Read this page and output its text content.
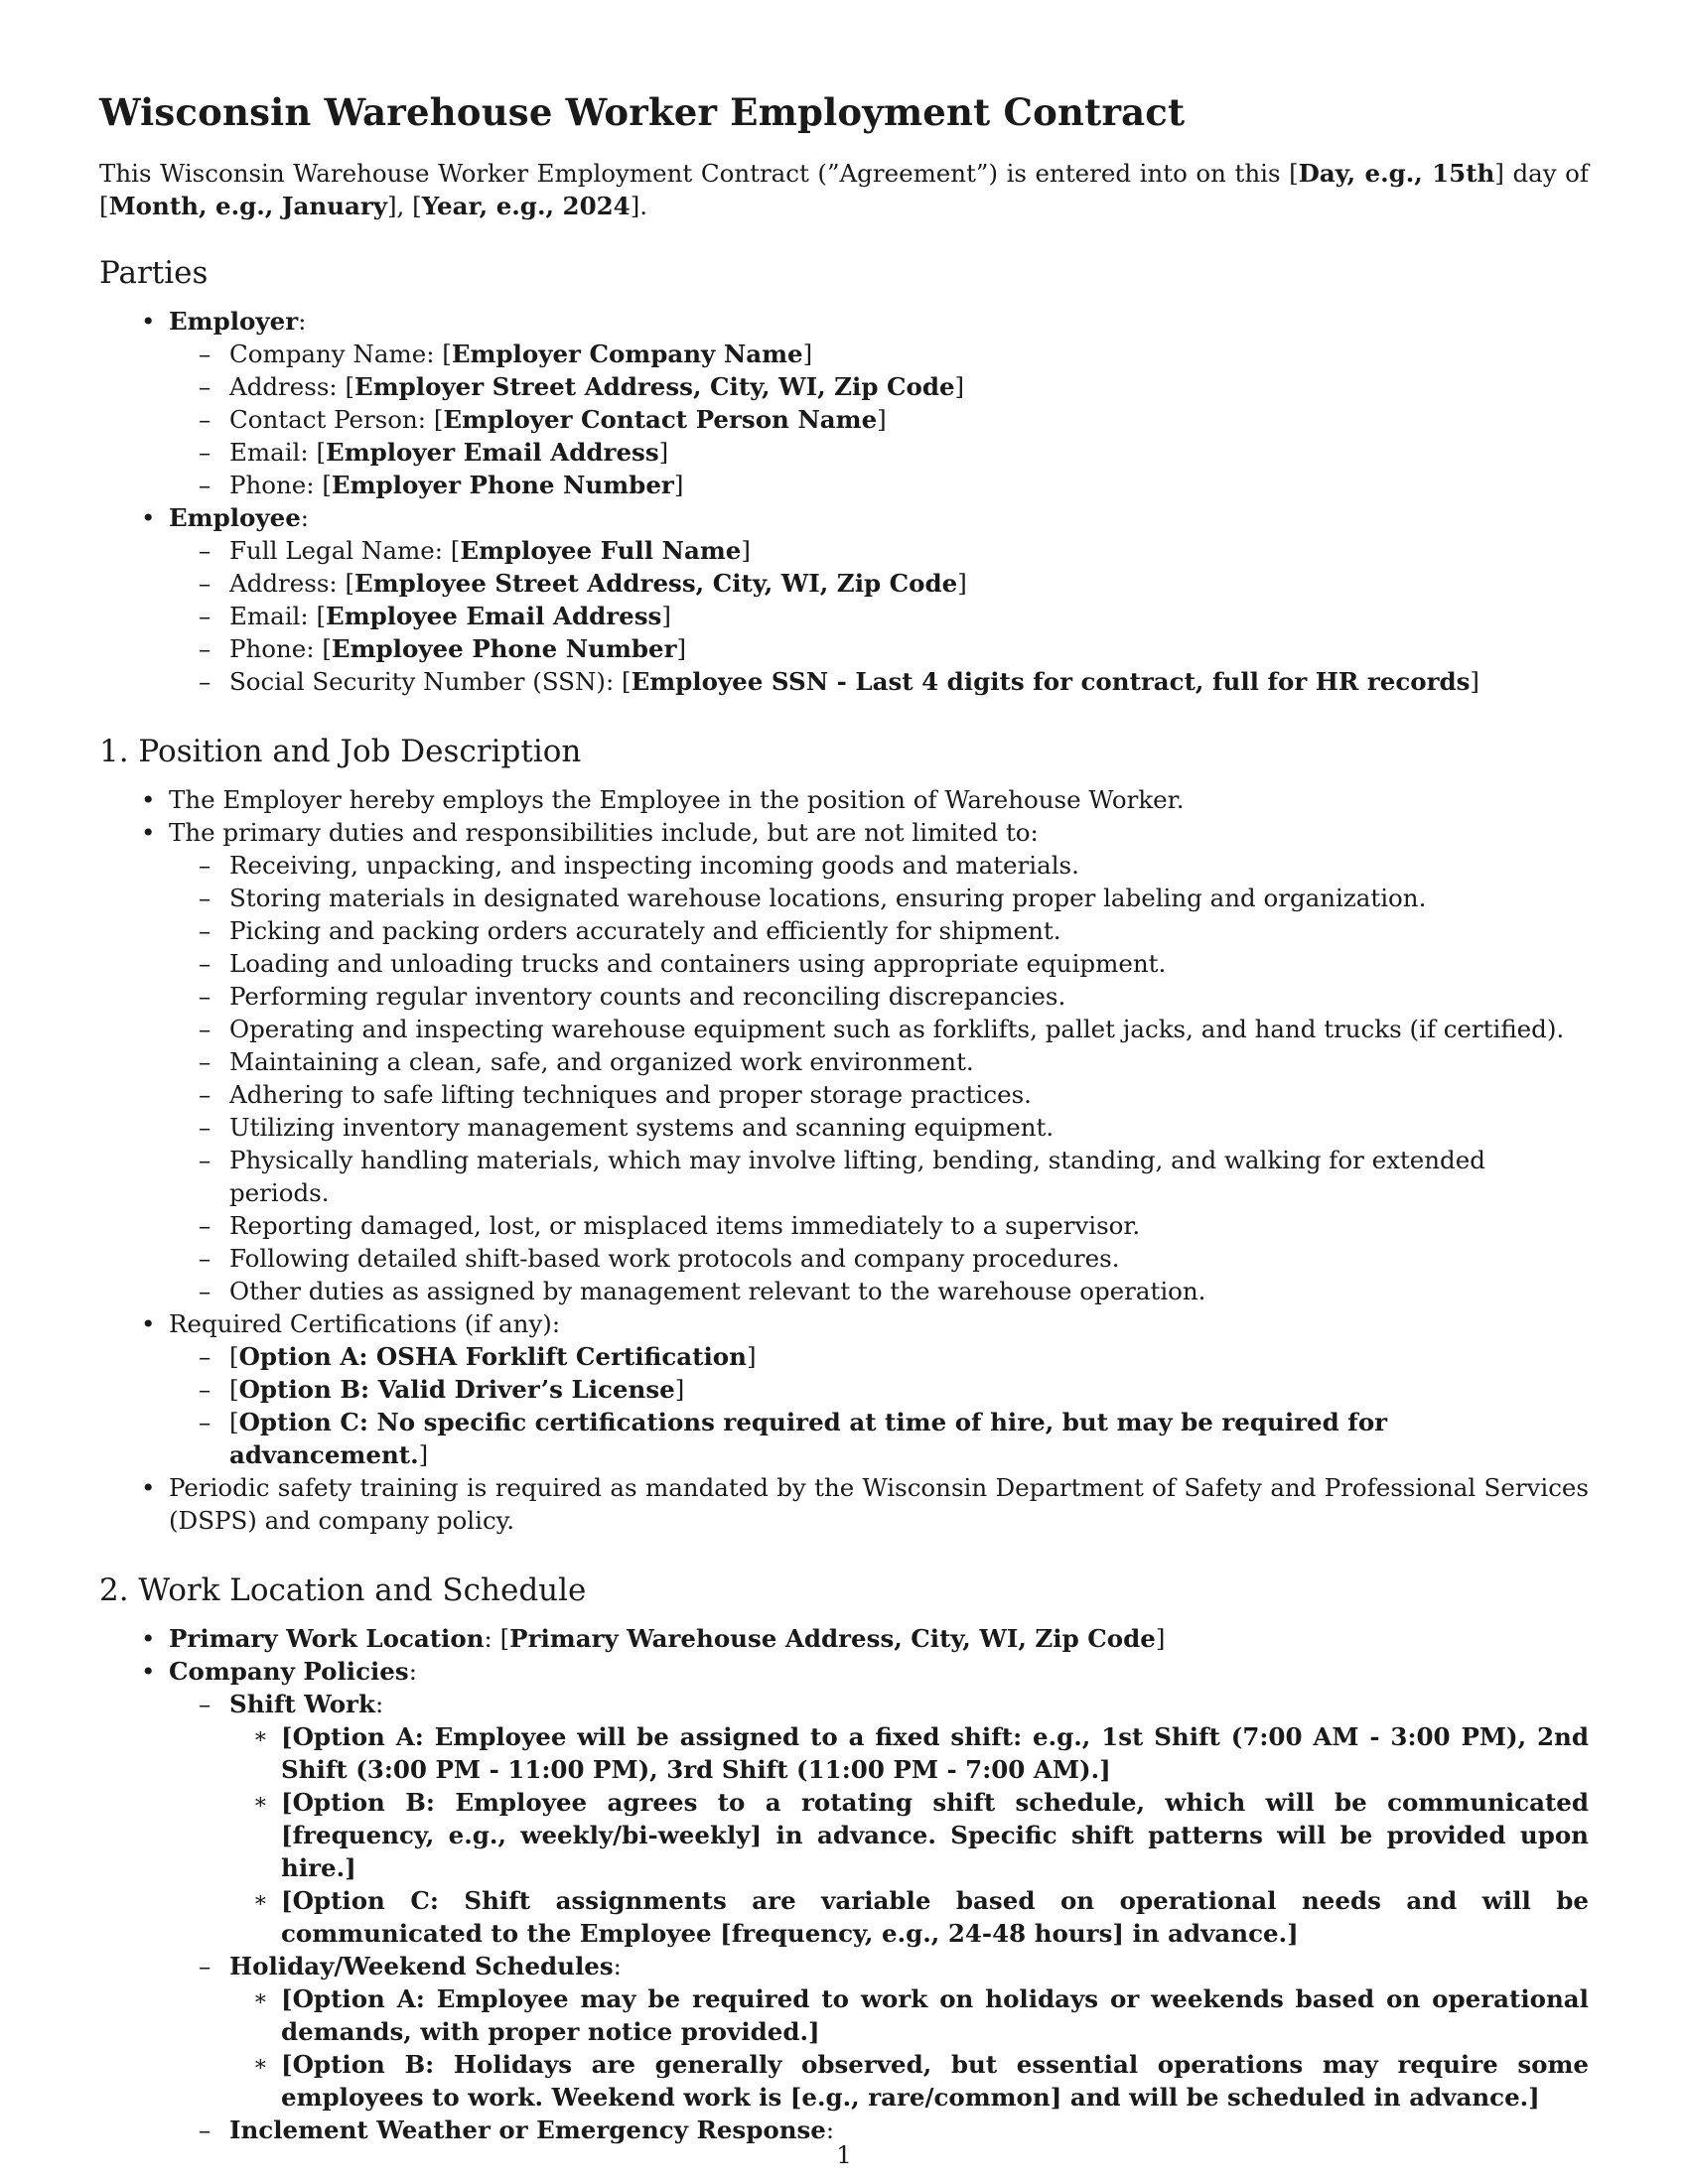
Wisconsin Warehouse Worker Employment Contract

This Wisconsin Warehouse Worker Employment Contract (”Agreement”) is entered into on this [Day, e.g., 15th] day of [Month, e.g., January], [Year, e.g., 2024].

Parties
• Employer:
– Company Name: [Employer Company Name]
– Address: [Employer Street Address, City, WI, Zip Code]
– Contact Person: [Employer Contact Person Name]
– Email: [Employer Email Address]
– Phone: [Employer Phone Number]
• Employee:
– Full Legal Name: [Employee Full Name]
– Address: [Employee Street Address, City, WI, Zip Code]
– Email: [Employee Email Address]
– Phone: [Employee Phone Number]
– Social Security Number (SSN): [Employee SSN - Last 4 digits for contract, full for HR records]
1. Position and Job Description
• The Employer hereby employs the Employee in the position of Warehouse Worker.
• The primary duties and responsibilities include, but are not limited to:
– Receiving, unpacking, and inspecting incoming goods and materials.
– Storing materials in designated warehouse locations, ensuring proper labeling and organization.
– Picking and packing orders accurately and efficiently for shipment.
– Loading and unloading trucks and containers using appropriate equipment.
– Performing regular inventory counts and reconciling discrepancies.
– Operating and inspecting warehouse equipment such as forklifts, pallet jacks, and hand trucks (if certified).
– Maintaining a clean, safe, and organized work environment.
– Adhering to safe lifting techniques and proper storage practices.
– Utilizing inventory management systems and scanning equipment.
– Physically handling materials, which may involve lifting, bending, standing, and walking for extended periods.
– Reporting damaged, lost, or misplaced items immediately to a supervisor.
– Following detailed shift-based work protocols and company procedures.
– Other duties as assigned by management relevant to the warehouse operation.
• Required Certifications (if any):
– [Option A: OSHA Forklift Certification]
– [Option B: Valid Driver’s License]
– [Option C: No specific certifications required at time of hire, but may be required for advancement.]
• Periodic safety training is required as mandated by the Wisconsin Department of Safety and Professional Services (DSPS) and company policy.
2. Work Location and Schedule
• Primary Work Location: [Primary Warehouse Address, City, WI, Zip Code]
• Company Policies:
– Shift Work:
∗ [Option A: Employee will be assigned to a fixed shift: e.g., 1st Shift (7:00 AM - 3:00 PM), 2nd Shift (3:00 PM - 11:00 PM), 3rd Shift (11:00 PM - 7:00 AM).]
∗ [Option B: Employee agrees to a rotating shift schedule, which will be communicated [frequency, e.g., weekly/bi-weekly] in advance. Specific shift patterns will be provided upon hire.]
∗ [Option C: Shift assignments are variable based on operational needs and will be communicated to the Employee [frequency, e.g., 24-48 hours] in advance.]
– Holiday/Weekend Schedules:
∗ [Option A: Employee may be required to work on holidays or weekends based on operational demands, with proper notice provided.]
∗ [Option B: Holidays are generally observed, but essential operations may require some employees to work. Weekend work is [e.g., rare/common] and will be scheduled in advance.]
– Inclement Weather or Emergency Response:
1
